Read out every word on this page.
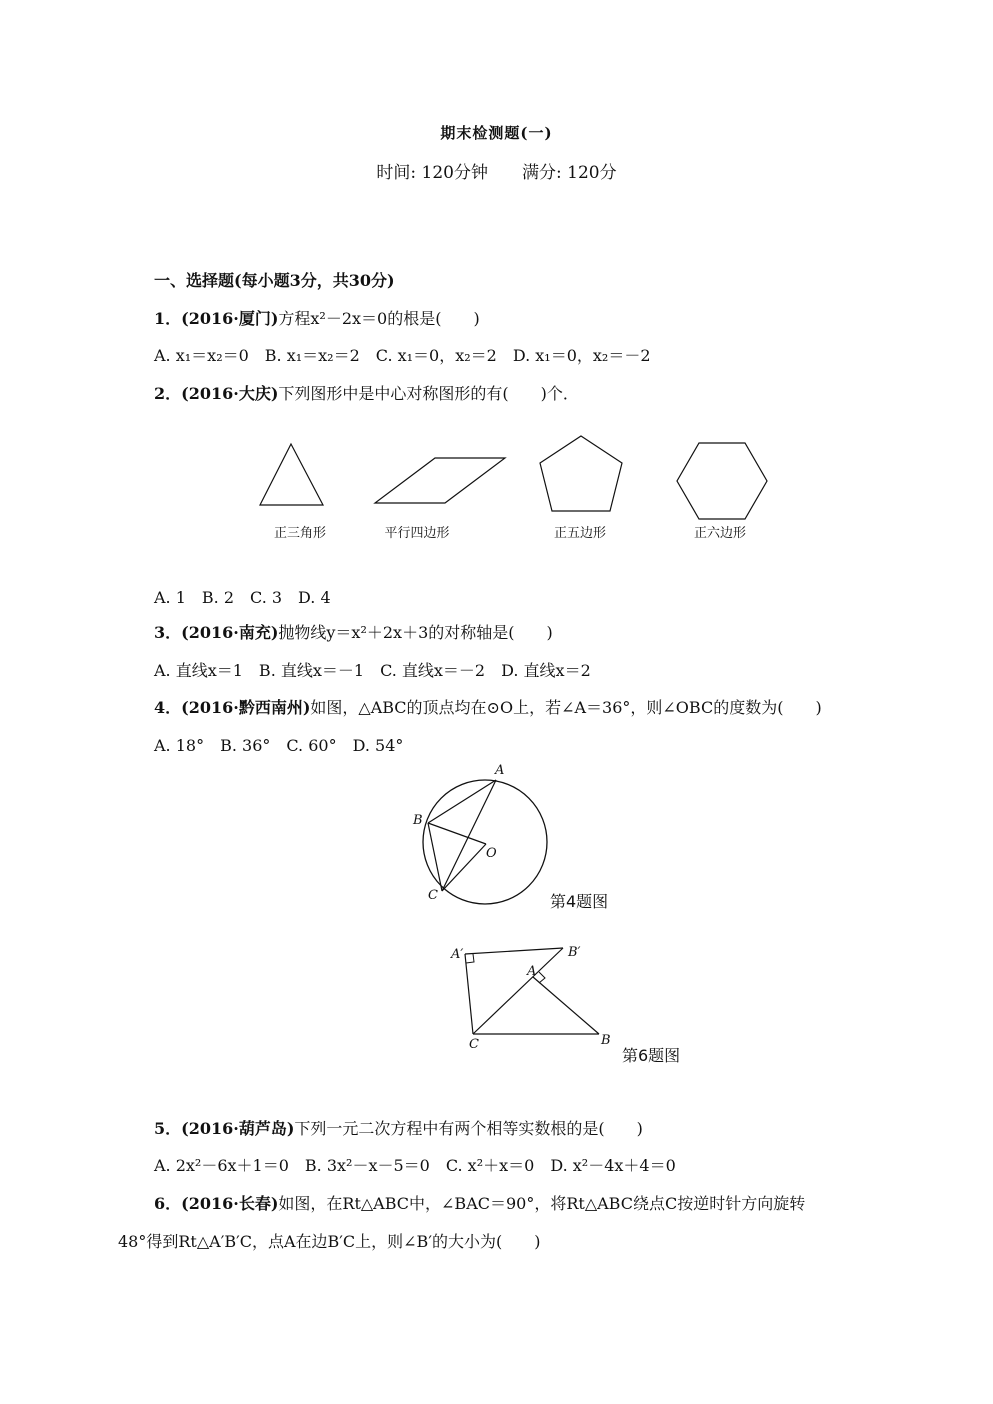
期末检测题(一)
时间: 120分钟 满分: 120分
一、选择题(每小题3分，共30分)
1．(2016·厦门)方程x²－2x＝0的根是(　　)
A. x₁＝x₂＝0　B. x₁＝x₂＝2　C. x₁＝0，x₂＝2　D. x₁＝0，x₂＝－2
2．(2016·大庆)下列图形中是中心对称图形的有(　　)个．
正三角形	平行四边形	正五边形	正六边形
A. 1　B. 2　C. 3　D. 4
3．(2016·南充)抛物线y＝x²＋2x＋3的对称轴是(　　)
A. 直线x＝1　B. 直线x＝－1　C. 直线x＝－2　D. 直线x＝2
4．(2016·黔西南州)如图，△ABC的顶点均在⊙O上，若∠A＝36°，则∠OBC的度数为(　　)
A. 18°　B. 36°　C. 60°　D. 54°
A
B
C
O
第4题图
A′	B′
A
B
C
第6题图
5．(2016·葫芦岛)下列一元二次方程中有两个相等实数根的是(　　)
A. 2x²－6x＋1＝0　B. 3x²－x－5＝0　C. x²＋x＝0　D. x²－4x＋4＝0
6．(2016·长春)如图，在Rt△ABC中，∠BAC＝90°，将Rt△ABC绕点C按逆时针方向旋转
48°得到Rt△A′B′C，点A在边B′C上，则∠B′的大小为(　　)
